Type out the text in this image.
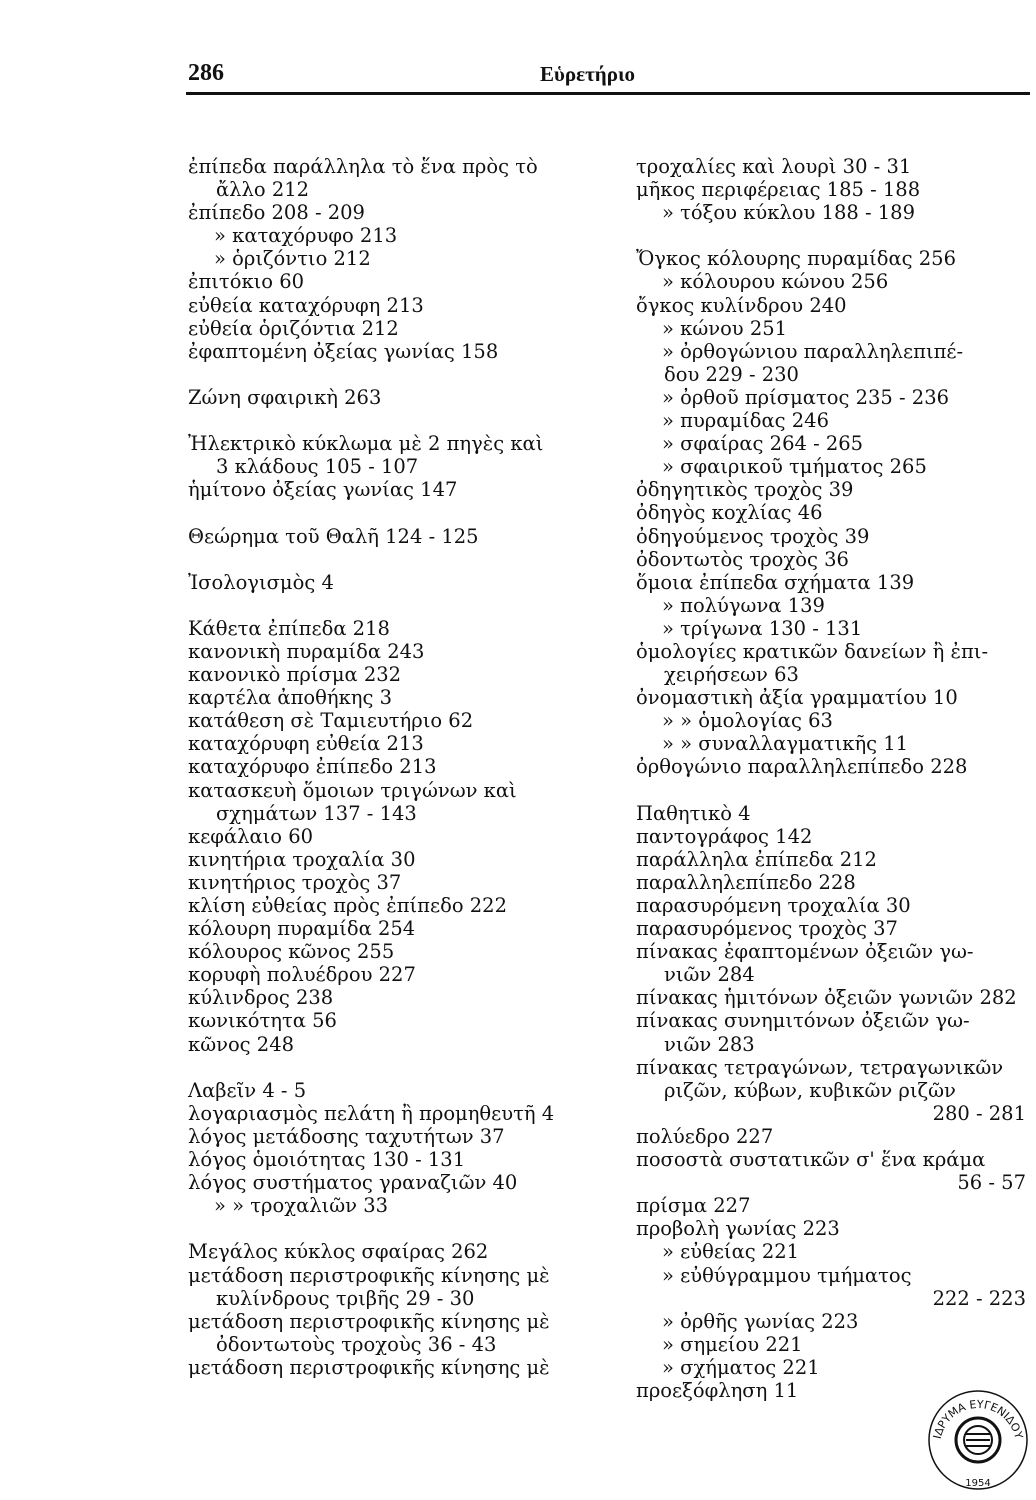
286	Εὑρετήριο
ἐπίπεδα παράλληλα τὸ ἕνα πρὸς τὸ
ἄλλο 212
ἐπίπεδο 208 - 209
» καταχόρυφο 213
» ὁριζόντιο 212
ἐπιτόκιο 60
εὐθεία καταχόρυφη 213
εὐθεία ὁριζόντια 212
ἐφαπτομένη ὀξείας γωνίας 158
Ζώνη σφαιρικὴ 263
Ἠλεκτρικὸ κύκλωμα μὲ 2 πηγὲς καὶ
3 κλάδους 105 - 107
ἡμίτονο ὀξείας γωνίας 147
Θεώρημα τοῦ Θαλῆ 124 - 125
Ἰσολογισμὸς 4
Κάθετα ἐπίπεδα 218
κανονικὴ πυραμίδα 243
κανονικὸ πρίσμα 232
καρτέλα ἀποθήκης 3
κατάθεση σὲ Ταμιευτήριο 62
καταχόρυφη εὐθεία 213
καταχόρυφο ἐπίπεδο 213
κατασκευὴ ὅμοιων τριγώνων καὶ
σχημάτων 137 - 143
κεφάλαιο 60
κινητήρια τροχαλία 30
κινητήριος τροχὸς 37
κλίση εὐθείας πρὸς ἐπίπεδο 222
κόλουρη πυραμίδα 254
κόλουρος κῶνος 255
κορυφὴ πολυέδρου 227
κύλινδρος 238
κωνικότητα 56
κῶνος 248
Λαβεῖν 4 - 5
λογαριασμὸς πελάτη ἢ προμηθευτῆ 4
λόγος μετάδοσης ταχυτήτων 37
λόγος ὁμοιότητας 130 - 131
λόγος συστήματος γραναζιῶν 40
» » τροχαλιῶν 33
Μεγάλος κύκλος σφαίρας 262
μετάδοση περιστροφικῆς κίνησης μὲ
κυλίνδρους τριβῆς 29 - 30
μετάδοση περιστροφικῆς κίνησης μὲ
ὀδοντωτοὺς τροχοὺς 36 - 43
μετάδοση περιστροφικῆς κίνησης μὲ
τροχαλίες καὶ λουρὶ 30 - 31
μῆκος περιφέρειας 185 - 188
» τόξου κύκλου 188 - 189
Ὄγκος κόλουρης πυραμίδας 256
» κόλουρου κώνου 256
ὄγκος κυλίνδρου 240
» κώνου 251
» ὀρθογώνιου παραλληλεπιπέ-
δου 229 - 230
» ὀρθοῦ πρίσματος 235 - 236
» πυραμίδας 246
» σφαίρας 264 - 265
» σφαιρικοῦ τμήματος 265
ὀδηγητικὸς τροχὸς 39
ὀδηγὸς κοχλίας 46
ὀδηγούμενος τροχὸς 39
ὀδοντωτὸς τροχὸς 36
ὅμοια ἐπίπεδα σχήματα 139
» πολύγωνα 139
» τρίγωνα 130 - 131
ὁμολογίες κρατικῶν δανείων ἢ ἐπι-
χειρήσεων 63
ὀνομαστικὴ ἀξία γραμματίου 10
» » ὁμολογίας 63
» » συναλλαγματικῆς 11
ὀρθογώνιο παραλληλεπίπεδο 228
Παθητικὸ 4
παντογράφος 142
παράλληλα ἐπίπεδα 212
παραλληλεπίπεδο 228
παρασυρόμενη τροχαλία 30
παρασυρόμενος τροχὸς 37
πίνακας ἐφαπτομένων ὀξειῶν γω-
νιῶν 284
πίνακας ἡμιτόνων ὀξειῶν γωνιῶν 282
πίνακας συνημιτόνων ὀξειῶν γω-
νιῶν 283
πίνακας τετραγώνων, τετραγωνικῶν
ριζῶν, κύβων, κυβικῶν ριζῶν
280 - 281
πολύεδρο 227
ποσοστὰ συστατικῶν σ' ἕνα κράμα
56 - 57
πρίσμα 227
προβολὴ γωνίας 223
» εὐθείας 221
» εὐθύγραμμου τμήματος
222 - 223
» ὀρθῆς γωνίας 223
» σημείου 221
» σχήματος 221
προεξόφληση 11
ΙΔΡΥΜΑ ΕΥΓΕΝΙΔΟΥ
1954
